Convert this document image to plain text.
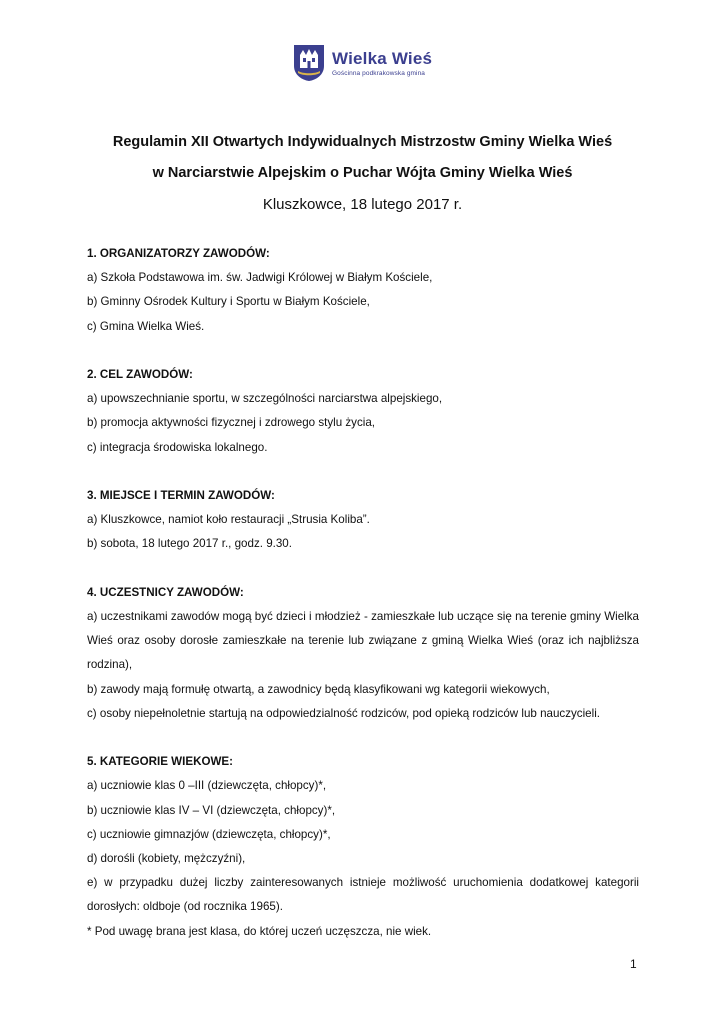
Wielka Wieś
Gościnna podkrakowska gmina
Regulamin XII Otwartych Indywidualnych Mistrzostw Gminy Wielka Wieś
w Narciarstwie Alpejskim o Puchar Wójta Gminy Wielka Wieś
Kluszkowce, 18 lutego 2017 r.

1. ORGANIZATORZY ZAWODÓW:

a) Szkoła Podstawowa im. św. Jadwigi Królowej w Białym Kościele,

b) Gminny Ośrodek Kultury i Sportu w Białym Kościele,

c) Gmina Wielka Wieś.

2. CEL ZAWODÓW:

a) upowszechnianie sportu, w szczególności narciarstwa alpejskiego,

b) promocja aktywności fizycznej i zdrowego stylu życia,

c) integracja środowiska lokalnego.

3. MIEJSCE I TERMIN ZAWODÓW:

a) Kluszkowce, namiot koło restauracji „Strusia Koliba”.

b) sobota, 18 lutego 2017 r., godz. 9.30.

4. UCZESTNICY ZAWODÓW:

a) uczestnikami zawodów mogą być dzieci i młodzież - zamieszkałe lub uczące się na terenie gminy Wielka Wieś oraz osoby dorosłe zamieszkałe na terenie lub związane z gminą Wielka Wieś (oraz ich najbliższa rodzina),

b) zawody mają formułę otwartą, a zawodnicy będą klasyfikowani wg kategorii wiekowych,

c) osoby niepełnoletnie startują na odpowiedzialność rodziców, pod opieką rodziców lub nauczycieli.

5. KATEGORIE WIEKOWE:

a) uczniowie klas 0 –III (dziewczęta, chłopcy)*,

b) uczniowie klas IV – VI (dziewczęta, chłopcy)*,

c) uczniowie gimnazjów (dziewczęta, chłopcy)*,

d) dorośli (kobiety, mężczyźni),

e) w przypadku dużej liczby zainteresowanych istnieje możliwość uruchomienia dodatkowej kategorii dorosłych: oldboje (od rocznika 1965).

* Pod uwagę brana jest klasa, do której uczeń uczęszcza, nie wiek.

1
